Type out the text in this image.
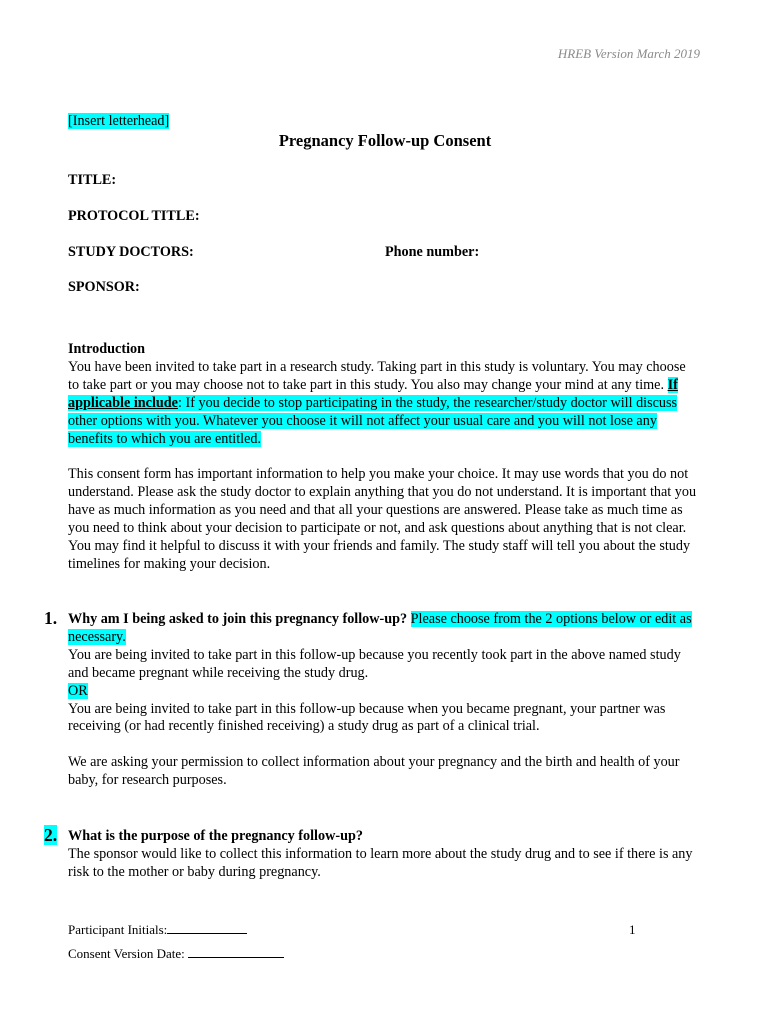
HREB Version March 2019
[Insert letterhead]
Pregnancy Follow-up Consent
TITLE:
PROTOCOL TITLE:
STUDY DOCTORS:	Phone number:
SPONSOR:
Introduction
You have been invited to take part in a research study. Taking part in this study is voluntary. You may choose to take part or you may choose not to take part in this study. You also may change your mind at any time. If applicable include: If you decide to stop participating in the study, the researcher/study doctor will discuss other options with you. Whatever you choose it will not affect your usual care and you will not lose any benefits to which you are entitled.
This consent form has important information to help you make your choice. It may use words that you do not understand. Please ask the study doctor to explain anything that you do not understand. It is important that you have as much information as you need and that all your questions are answered. Please take as much time as you need to think about your decision to participate or not, and ask questions about anything that is not clear. You may find it helpful to discuss it with your friends and family. The study staff will tell you about the study timelines for making your decision.
1. Why am I being asked to join this pregnancy follow-up? Please choose from the 2 options below or edit as necessary.
You are being invited to take part in this follow-up because you recently took part in the above named study and became pregnant while receiving the study drug.
OR
You are being invited to take part in this follow-up because when you became pregnant, your partner was receiving (or had recently finished receiving) a study drug as part of a clinical trial.
We are asking your permission to collect information about your pregnancy and the birth and health of your baby, for research purposes.
2. What is the purpose of the pregnancy follow-up?
The sponsor would like to collect this information to learn more about the study drug and to see if there is any risk to the mother or baby during pregnancy.
Participant Initials:	1
Consent Version Date:
